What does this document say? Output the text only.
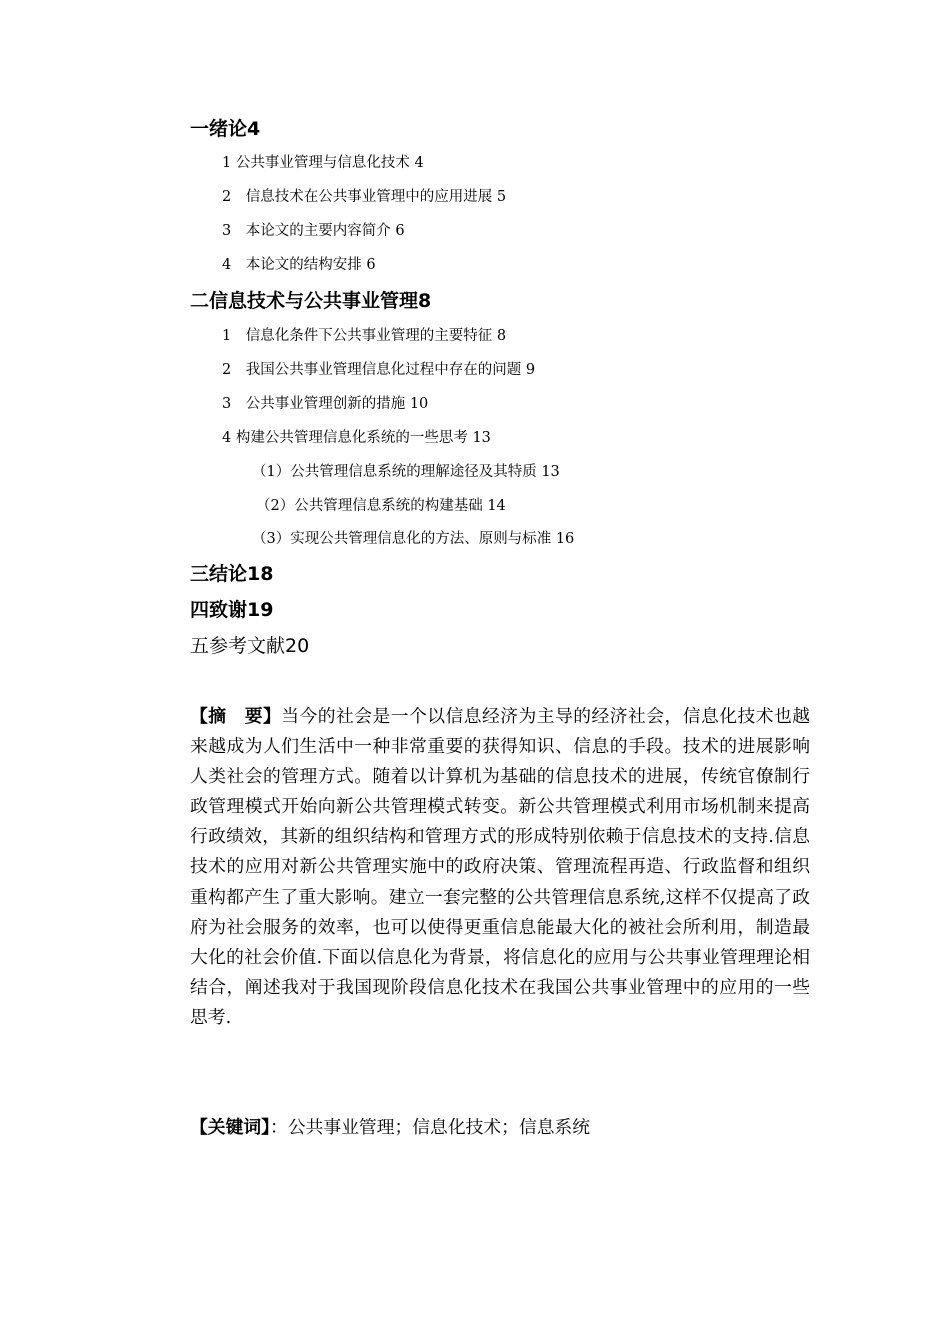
一绪论4
1 公共事业管理与信息化技术 4
2　信息技术在公共事业管理中的应用进展 5
3　本论文的主要内容简介 6
4　本论文的结构安排 6
二信息技术与公共事业管理8
1　信息化条件下公共事业管理的主要特征 8
2　我国公共事业管理信息化过程中存在的问题 9
3　公共事业管理创新的措施 10
4 构建公共管理信息化系统的一些思考 13
（1）公共管理信息系统的理解途径及其特质 13
（2）公共管理信息系统的构建基础 14
（3）实现公共管理信息化的方法、原则与标准 16
三结论18
四致谢19
五参考文献20
【摘　要】当今的社会是一个以信息经济为主导的经济社会，信息化技术也越来越成为人们生活中一种非常重要的获得知识、信息的手段。技术的进展影响人类社会的管理方式。随着以计算机为基础的信息技术的进展，传统官僚制行政管理模式开始向新公共管理模式转变。新公共管理模式利用市场机制来提高行政绩效，其新的组织结构和管理方式的形成特别依赖于信息技术的支持.信息技术的应用对新公共管理实施中的政府决策、管理流程再造、行政监督和组织重构都产生了重大影响。建立一套完整的公共管理信息系统,这样不仅提高了政府为社会服务的效率，也可以使得更重信息能最大化的被社会所利用，制造最大化的社会价值.下面以信息化为背景，将信息化的应用与公共事业管理理论相结合，阐述我对于我国现阶段信息化技术在我国公共事业管理中的应用的一些思考.
【关键词】：公共事业管理；信息化技术；信息系统
